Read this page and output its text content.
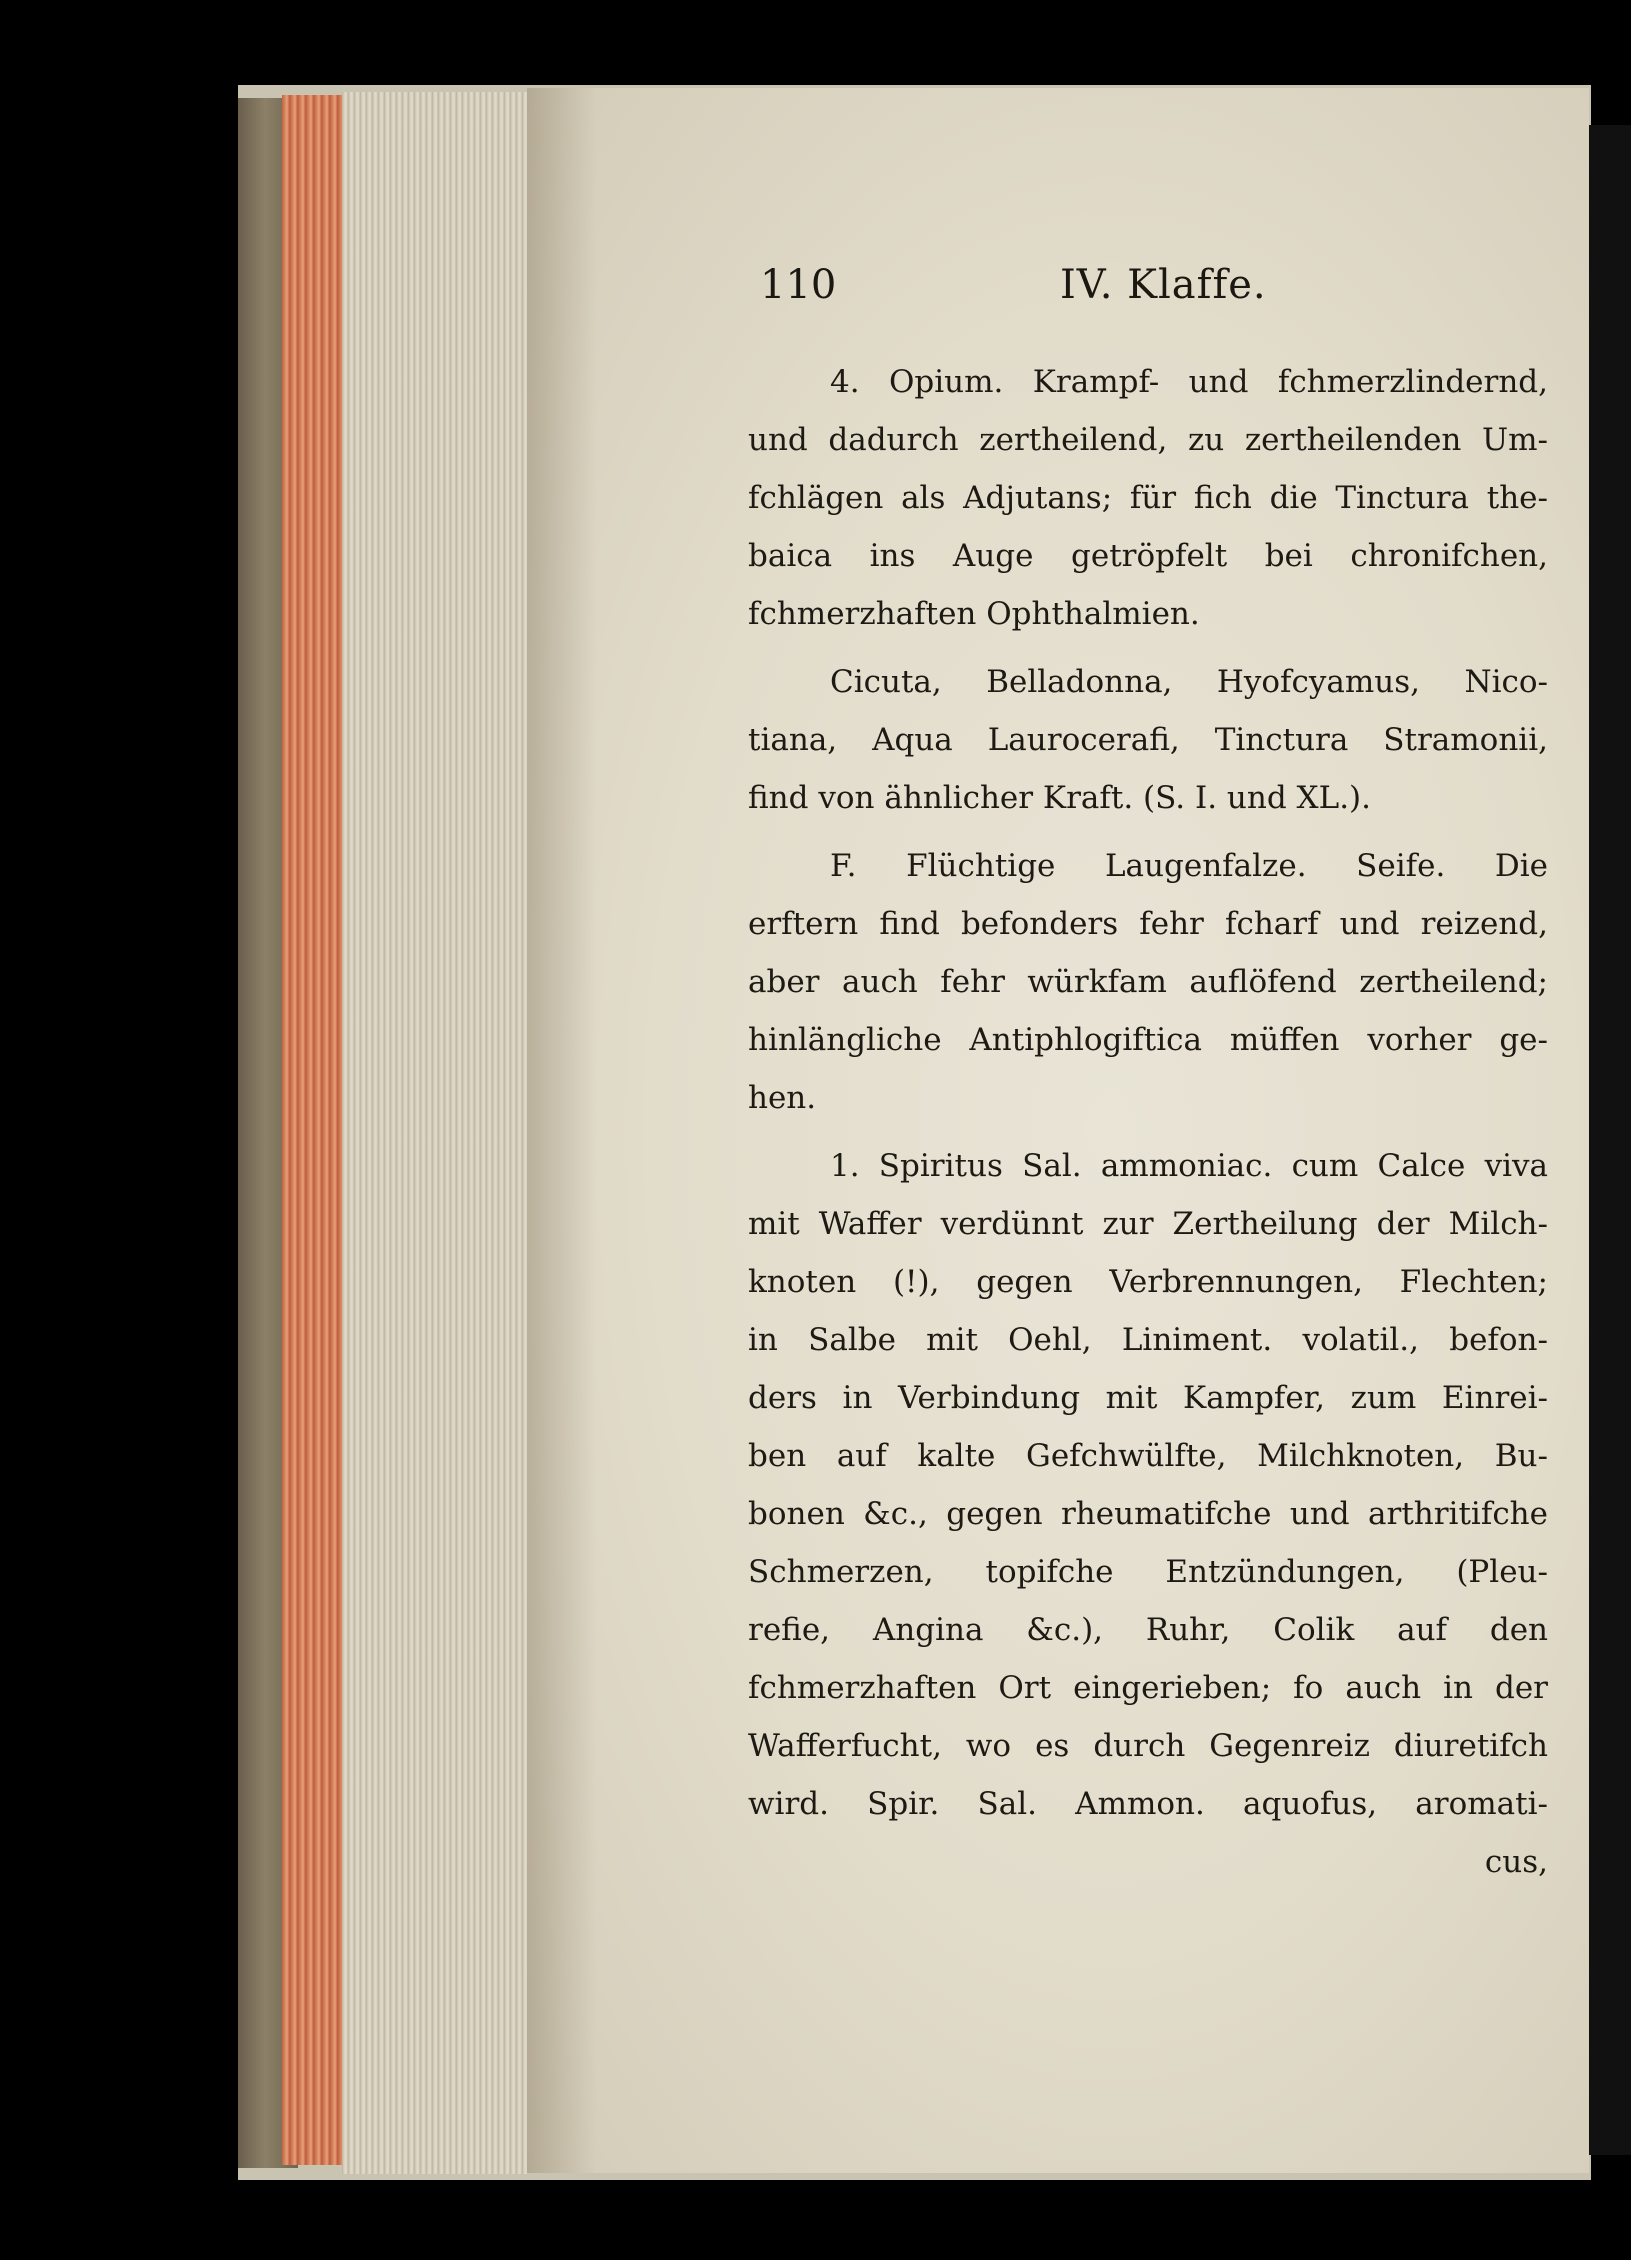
110	IV. Klaffe.
4. Opium. Krampf- und fchmerzlindernd,
und dadurch zertheilend, zu zertheilenden Um-
fchlägen als Adjutans; für fich die Tinctura the-
baica ins Auge getröpfelt bei chronifchen,
fchmerzhaften Ophthalmien.
Cicuta, Belladonna, Hyofcyamus, Nico-
tiana, Aqua Laurocerafi, Tinctura Stramonii,
find von ähnlicher Kraft. (S. I. und XL.).
F. Flüchtige Laugenfalze. Seife. Die
erftern find befonders fehr fcharf und reizend,
aber auch fehr würkfam auflöfend zertheilend;
hinlängliche Antiphlogiftica müffen vorher ge-
hen.
1. Spiritus Sal. ammoniac. cum Calce viva
mit Waffer verdünnt zur Zertheilung der Milch-
knoten (!), gegen Verbrennungen, Flechten;
in Salbe mit Oehl, Liniment. volatil., befon-
ders in Verbindung mit Kampfer, zum Einrei-
ben auf kalte Gefchwülfte, Milchknoten, Bu-
bonen &c., gegen rheumatifche und arthritifche
Schmerzen, topifche Entzündungen, (Pleu-
refie, Angina &c.), Ruhr, Colik auf den
fchmerzhaften Ort eingerieben; fo auch in der
Wafferfucht, wo es durch Gegenreiz diuretifch
wird. Spir. Sal. Ammon. aquofus, aromati-
cus,
